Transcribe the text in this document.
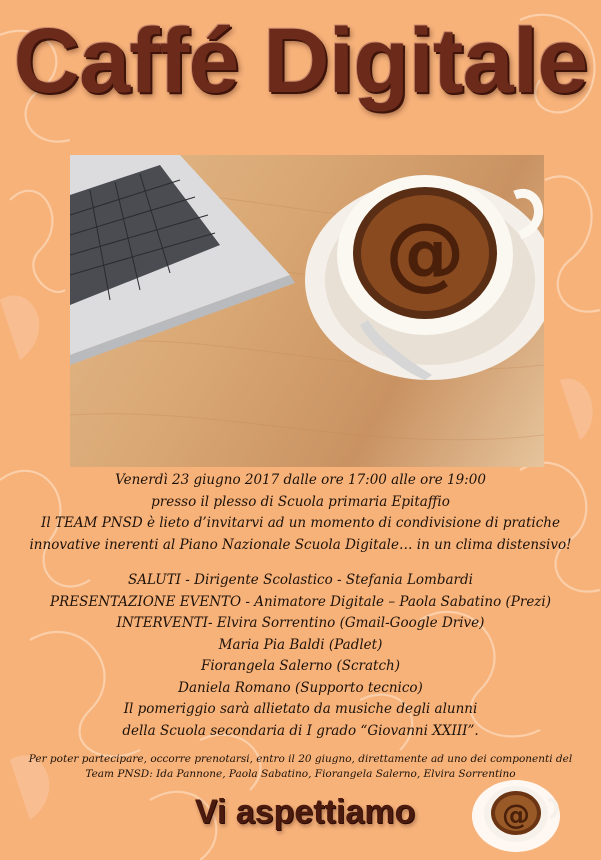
Caffé Digitale
@
Venerdì 23 giugno 2017 dalle ore 17:00 alle ore 19:00
presso il plesso di Scuola primaria Epitaffio
Il TEAM PNSD è lieto d’invitarvi ad un momento di condivisione di pratiche
innovative inerenti al Piano Nazionale Scuola Digitale… in un clima distensivo!
SALUTI - Dirigente Scolastico - Stefania Lombardi
PRESENTAZIONE EVENTO - Animatore Digitale – Paola Sabatino (Prezi)
INTERVENTI- Elvira Sorrentino (Gmail-Google Drive)
Maria Pia Baldi (Padlet)
Fiorangela Salerno (Scratch)
Daniela Romano (Supporto tecnico)
Il pomeriggio sarà allietato da musiche degli alunni
della Scuola secondaria di I grado “Giovanni XXIII”.
Per poter partecipare, occorre prenotarsi, entro il 20 giugno, direttamente ad uno dei componenti del
Team PNSD: Ida Pannone, Paola Sabatino, Fiorangela Salerno, Elvira Sorrentino
Vi aspettiamo	@
